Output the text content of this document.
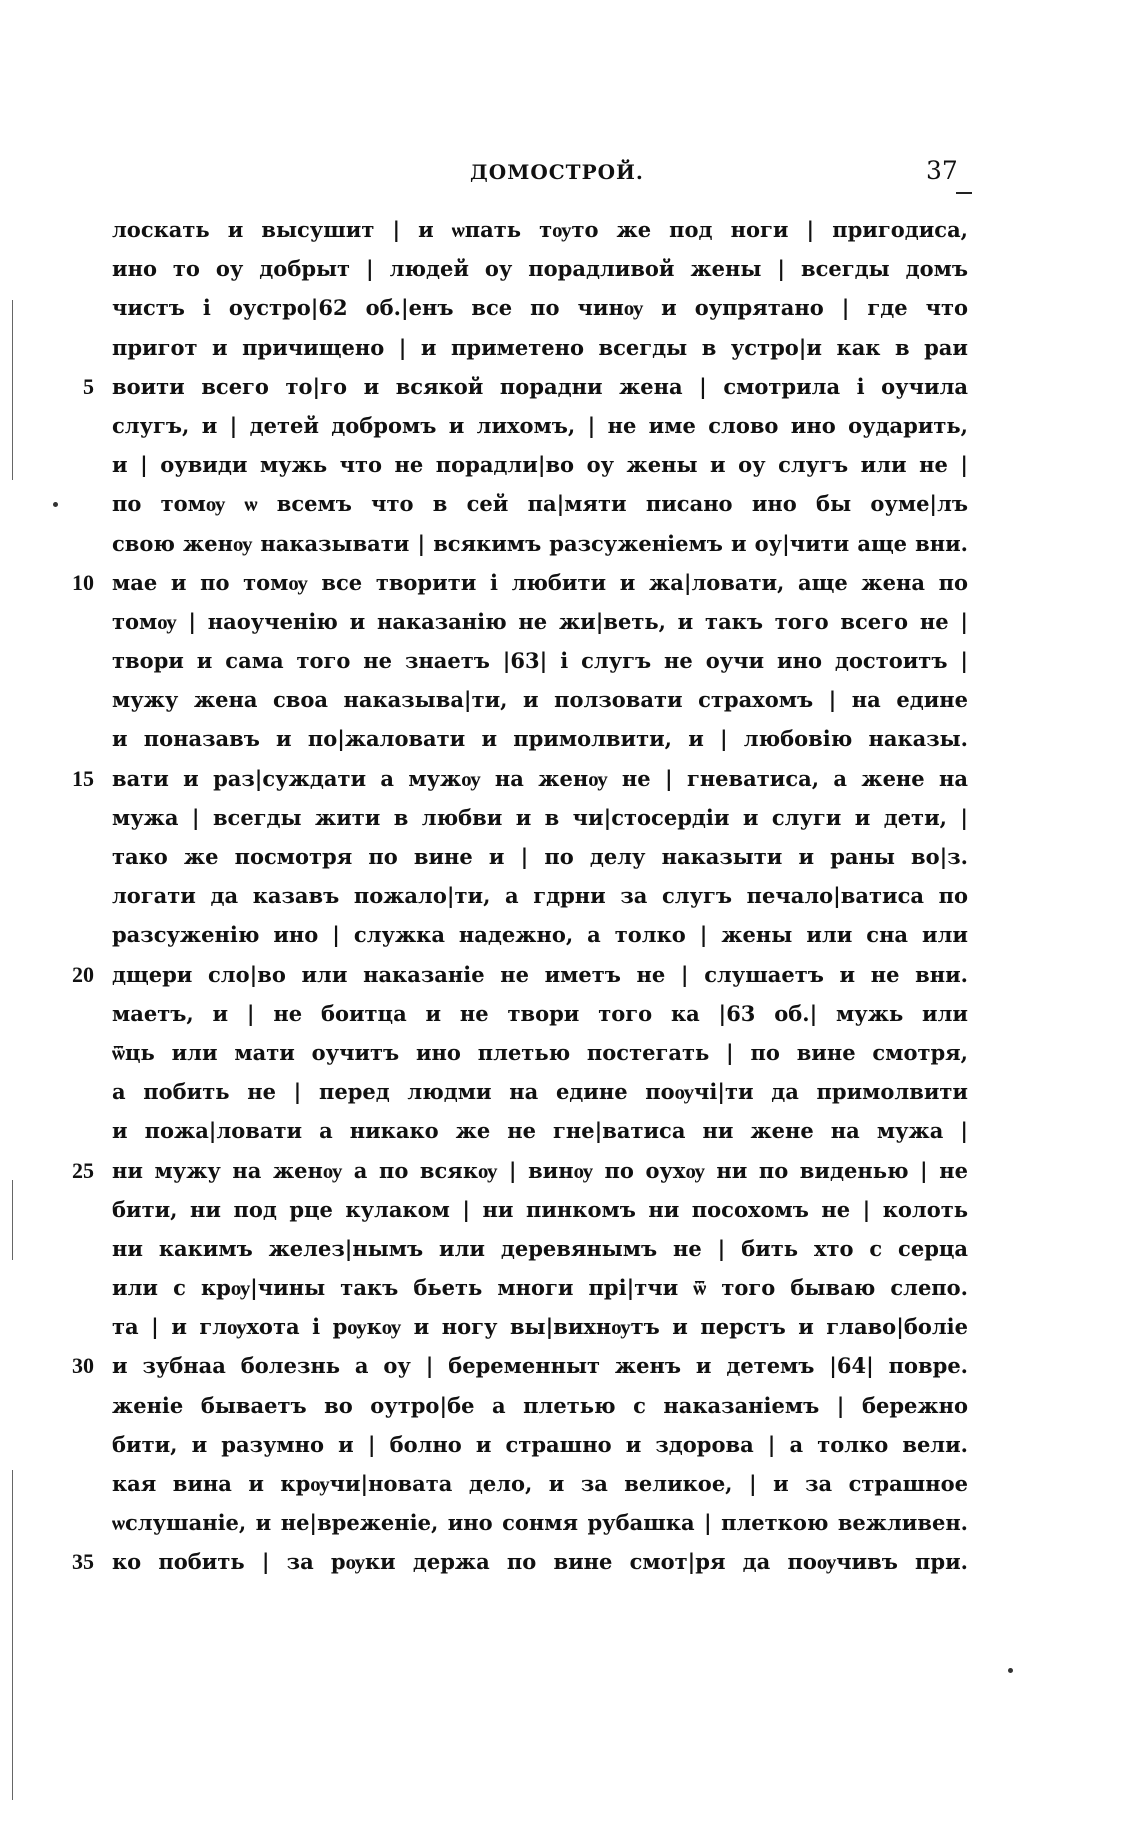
ДОМОСТРОЙ.	37
лоскать и высушит | и ѡпать тѹто же под ноги | пригодиса,
ино то оу добрыт | людей оу порадливой жены | всегды домъ
чистъ і оустро|62 об.|енъ все по чинѹ и оупрятано | где что
пригот и причищено | и приметено всегды в устро|и как в раи
5 воити всего то|го и всякой порадни жена | смотрила і оучила
слугъ, и | детей добромъ и лихомъ, | не име слово ино оударить,
и | оувиди мужь что не порадли|во оу жены и оу слугъ или не |
по томѹ ѡ всемъ что в сей па|мяти писано ино бы оуме|лъ
свою женѹ наказывати | всякимъ разсуженіемъ и оу|чити аще вни.
10 мае и по томѹ все творити і любити и жа|ловати, аще жена по
томѹ | наоученію и наказанію не жи|веть, и такъ того всего не |
твори и сама того не знаетъ |63| і слугъ не оучи ино достоитъ |
мужу жена своа наказыва|ти, и ползовати страхомъ | на едине
и поназавъ и по|жаловати и примолвити, и | любовію наказы.
15 вати и раз|суждати а мужѹ на женѹ не | гневатиса, а жене на
мужа | всегды жити в любви и в чи|стосердіи и слуги и дети, |
тако же посмотря по вине и | по делу наказыти и раны во|з.
логати да казавъ пожало|ти, а гдрни за слугъ печало|ватиса по
разсуженію ино | служка надежно, а толко | жены или сна или
20 дщери сло|во или наказаніе не иметъ не | слушаетъ и не вни.
маетъ, и | не боитца и не твори того ка |63 об.| мужь или
ѿць или мати оучитъ ино плетью постегать | по вине смотря,
а побить не | перед людми на едине поѹчі|ти да примолвити
и пожа|ловати а никако же не гне|ватиса ни жене на мужа |
25 ни мужу на женѹ а по всякѹ | винѹ по оухѹ ни по виденью | не
бити, ни под рце кулаком | ни пинкомъ ни посохомъ не | колоть
ни какимъ желез|нымъ или деревянымъ не | бить хто с серца
или с крѹ|чины такъ бьеть многи прі|тчи ѿ того бываю слепо.
та | и глѹхота і рѹкѹ и ногу вы|вихнѹтъ и перстъ и главо|боліе
30 и зубнаа болезнь а оу | беременныт женъ и детемъ |64| повре.
женіе бываетъ во оутро|бе а плетью с наказаніемъ | бережно
бити, и разумно и | болно и страшно и здорова | а толко вели.
кая вина и крѹчи|новата дело, и за великое, | и за страшное
ѡслушаніе, и не|вреженіе, ино сонмя рубашка | плеткою вежливен.
35 ко побить | за рѹки держа по вине смот|ря да поѹчивъ при.
